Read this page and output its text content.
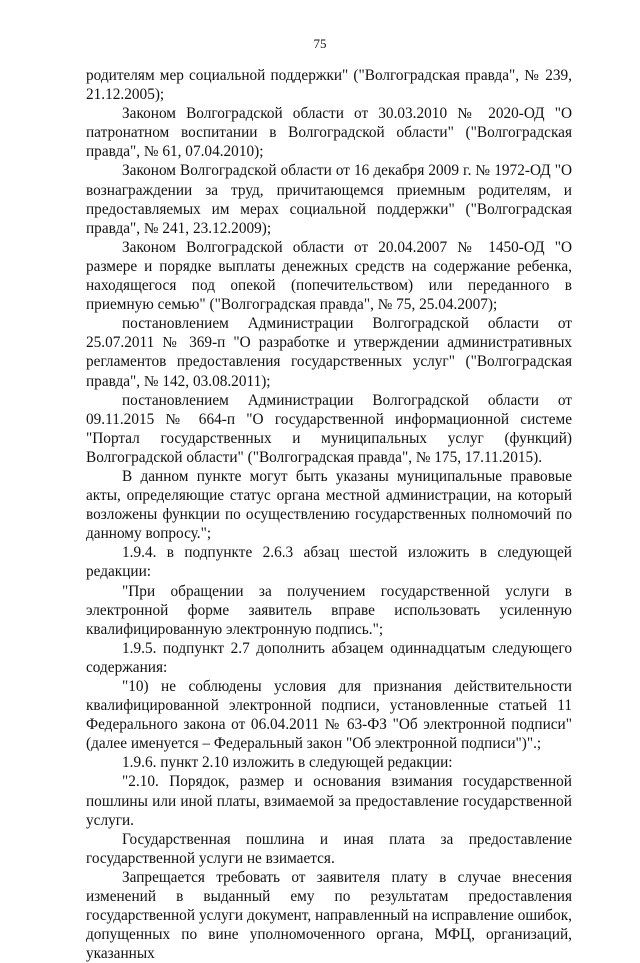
75

родителям мер социальной поддержки" ("Волгоградская правда", № 239, 21.12.2005);

Законом Волгоградской области от 30.03.2010 № 2020-ОД "О патронатном воспитании в Волгоградской области" ("Волгоградская правда", № 61, 07.04.2010);

Законом Волгоградской области от 16 декабря 2009 г. № 1972-ОД "О вознаграждении за труд, причитающемся приемным родителям, и предоставляемых им мерах социальной поддержки" ("Волгоградская правда", № 241, 23.12.2009);

Законом Волгоградской области от 20.04.2007 № 1450-ОД "О размере и порядке выплаты денежных средств на содержание ребенка, находящегося под опекой (попечительством) или переданного в приемную семью" ("Волгоградская правда", № 75, 25.04.2007);

постановлением Администрации Волгоградской области от 25.07.2011 № 369-п "О разработке и утверждении административных регламентов предоставления государственных услуг" ("Волгоградская правда", № 142, 03.08.2011);

постановлением Администрации Волгоградской области от 09.11.2015 № 664-п "О государственной информационной системе "Портал государственных и муниципальных услуг (функций) Волгоградской области" ("Волгоградская правда", № 175, 17.11.2015).

В данном пункте могут быть указаны муниципальные правовые акты, определяющие статус органа местной администрации, на который возложены функции по осуществлению государственных полномочий по данному вопросу.";

1.9.4. в подпункте 2.6.3 абзац шестой изложить в следующей редакции:

"При обращении за получением государственной услуги в электронной форме заявитель вправе использовать усиленную квалифицированную электронную подпись.";

1.9.5. подпункт 2.7 дополнить абзацем одиннадцатым следующего содержания:

"10) не соблюдены условия для признания действительности квалифицированной электронной подписи, установленные статьей 11 Федерального закона от 06.04.2011 № 63-ФЗ "Об электронной подписи" (далее именуется – Федеральный закон "Об электронной подписи")".;

1.9.6. пункт 2.10 изложить в следующей редакции:

"2.10. Порядок, размер и основания взимания государственной пошлины или иной платы, взимаемой за предоставление государственной услуги.

Государственная пошлина и иная плата за предоставление государственной услуги не взимается.

Запрещается требовать от заявителя плату в случае внесения изменений в выданный ему по результатам предоставления государственной услуги документ, направленный на исправление ошибок, допущенных по вине уполномоченного органа, МФЦ, организаций, указанных
